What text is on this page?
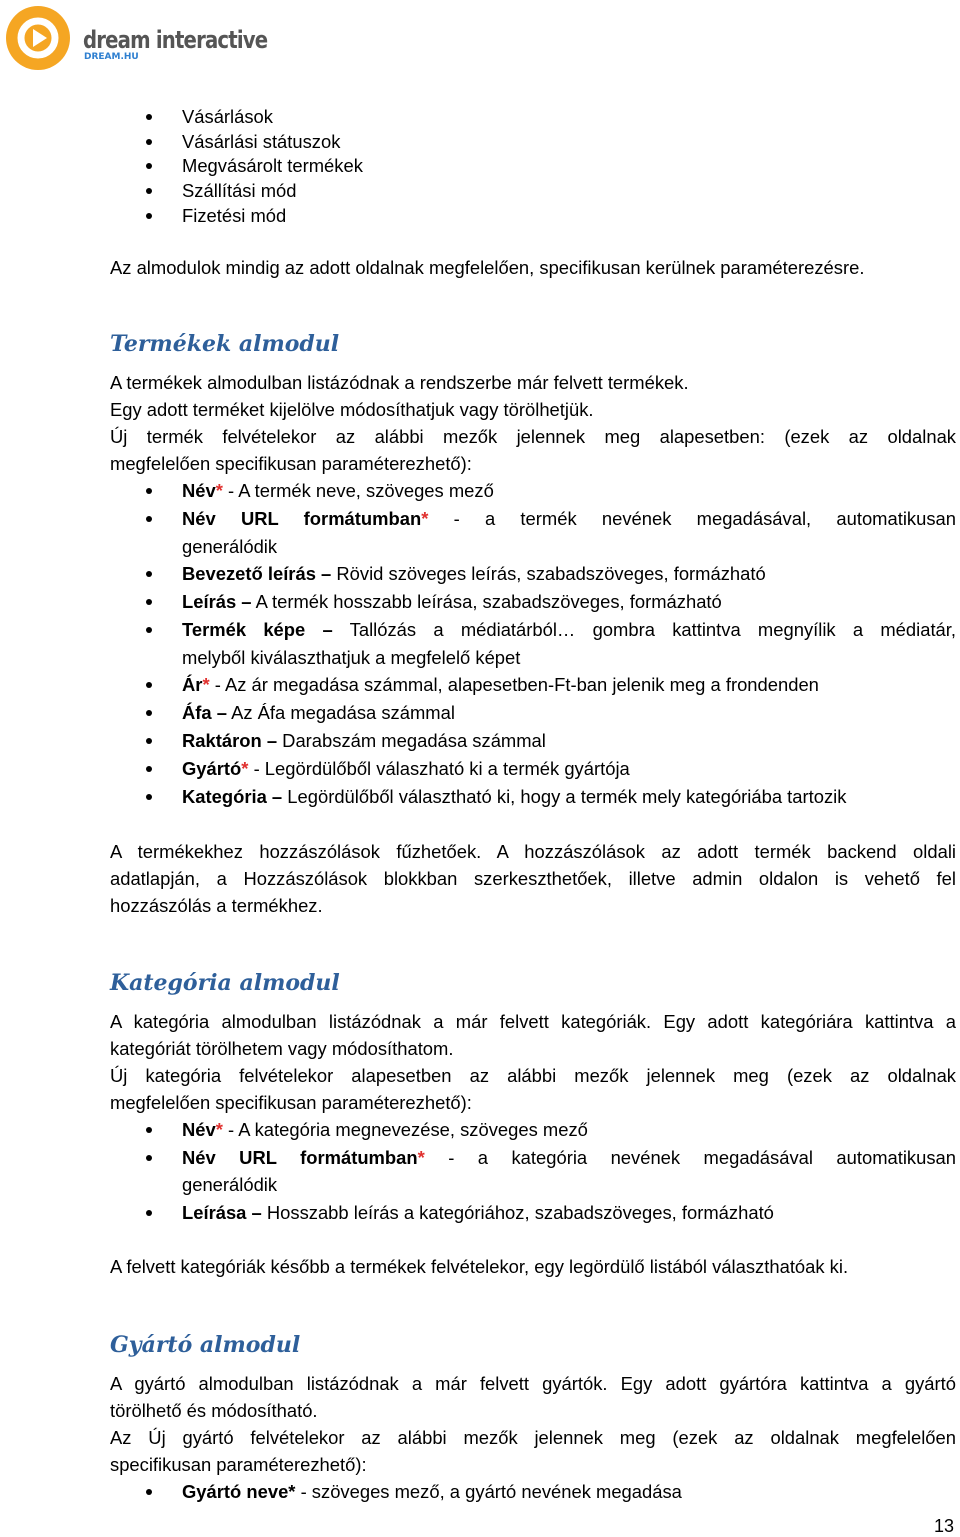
dream interactive
DREAM.HU
Vásárlások
Vásárlási státuszok
Megvásárolt termékek
Szállítási mód
Fizetési mód

Az almodulok mindig az adott oldalnak megfelelően, specifikusan kerülnek paraméterezésre.

Termékek almodul

A termékek almodulban listázódnak a rendszerbe már felvett termékek.

Egy adott terméket kijelölve módosíthatjuk vagy törölhetjük.

Új termék felvételekor az alábbi mezők jelennek meg alapesetben: (ezek az oldalnak

megfelelően specifikusan paraméterezhető):

Név* - A termék neve, szöveges mező
Név URL formátumban* - a termék nevének megadásával, automatikusan
generálódik
Bevezető leírás – Rövid szöveges leírás, szabadszöveges, formázható
Leírás – A termék hosszabb leírása, szabadszöveges, formázható
Termék képe – Tallózás a médiatárból… gombra kattintva megnyílik a médiatár,
melyből kiválaszthatjuk a megfelelő képet
Ár* - Az ár megadása számmal, alapesetben-Ft-ban jelenik meg a frondenden
Áfa – Az Áfa megadása számmal
Raktáron – Darabszám megadása számmal
Gyártó* - Legördülőből válaszható ki a termék gyártója
Kategória – Legördülőből választható ki, hogy a termék mely kategóriába tartozik

A termékekhez hozzászólások fűzhetőek. A hozzászólások az adott termék backend oldali

adatlapján, a Hozzászólások blokkban szerkeszthetőek, illetve admin oldalon is vehető fel

hozzászólás a termékhez.

Kategória almodul

A kategória almodulban listázódnak a már felvett kategóriák. Egy adott kategóriára kattintva a

kategóriát törölhetem vagy módosíthatom.

Új kategória felvételekor alapesetben az alábbi mezők jelennek meg (ezek az oldalnak

megfelelően specifikusan paraméterezhető):

Név* - A kategória megnevezése, szöveges mező
Név URL formátumban* - a kategória nevének megadásával automatikusan
generálódik
Leírása – Hosszabb leírás a kategóriához, szabadszöveges, formázható

A felvett kategóriák később a termékek felvételekor, egy legördülő listából választhatóak ki.

Gyártó almodul

A gyártó almodulban listázódnak a már felvett gyártók. Egy adott gyártóra kattintva a gyártó

törölhető és módosítható.

Az Új gyártó felvételekor az alábbi mezők jelennek meg (ezek az oldalnak megfelelően

specifikusan paraméterezhető):

Gyártó neve* - szöveges mező, a gyártó nevének megadása
13
